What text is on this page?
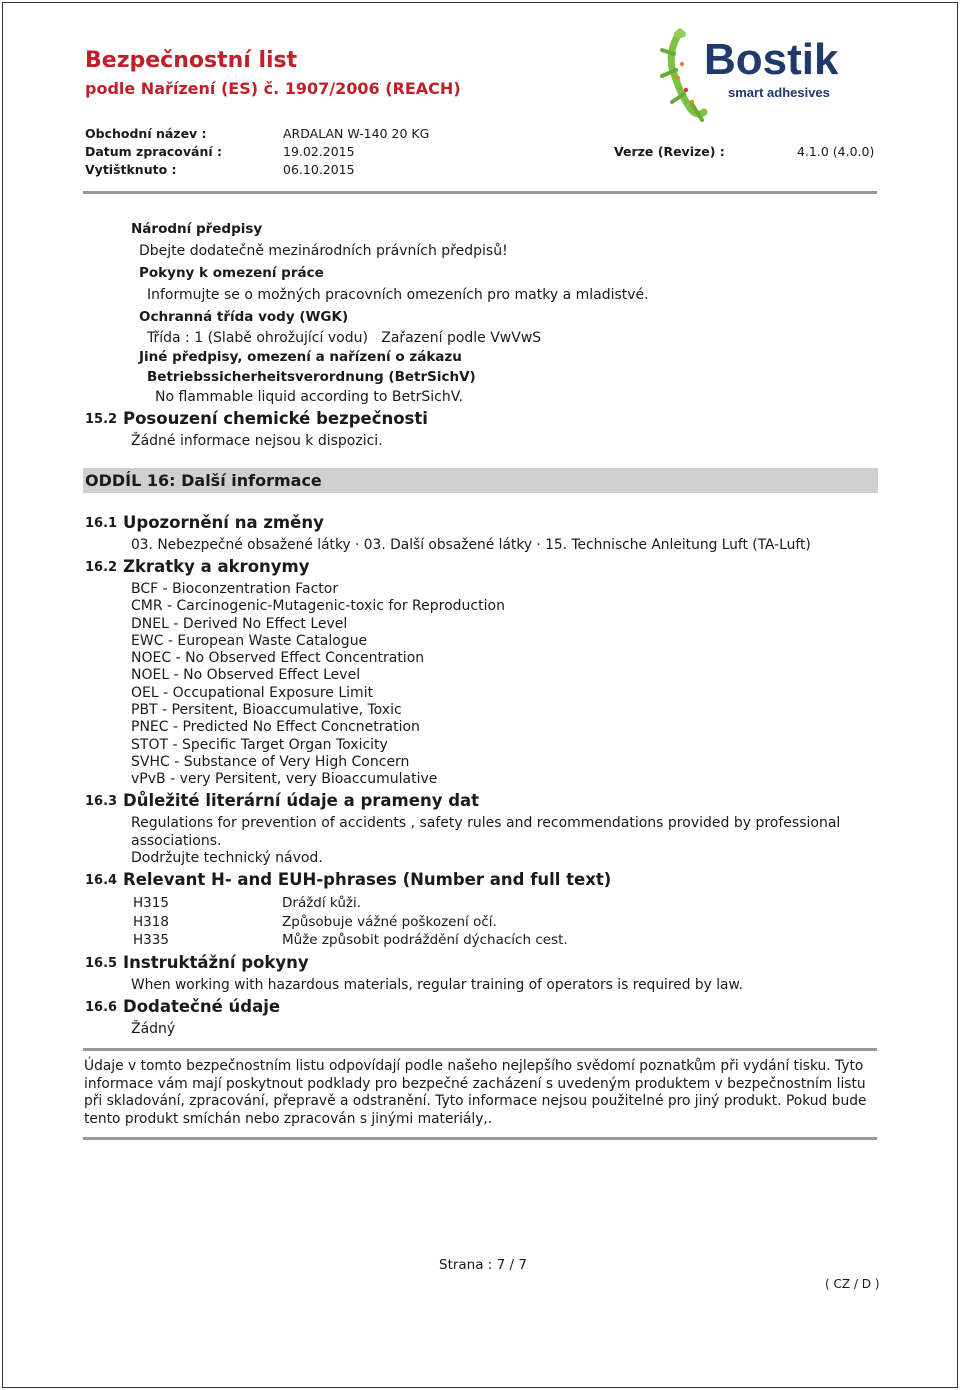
Bezpečnostní list
podle Nařízení (ES) č. 1907/2006 (REACH)
Bostik
smart adhesives
Obchodní název :	ARDALAN W-140 20 KG
Datum zpracování :	19.02.2015	Verze (Revize) :	4.1.0 (4.0.0)
Vytištknuto :	06.10.2015
Národní předpisy
Dbejte dodatečně mezinárodních právních předpisů!
Pokyny k omezení práce
Informujte se o možných pracovních omezeních pro matky a mladistvé.
Ochranná třída vody (WGK)
Třída : 1 (Slabě ohrožující vodu)   Zařazení podle VwVwS
Jiné předpisy, omezení a nařízení o zákazu
Betriebssicherheitsverordnung (BetrSichV)
No flammable liquid according to BetrSichV.
15.2 Posouzení chemické bezpečnosti
Žádné informace nejsou k dispozici.
ODDÍL 16: Další informace
16.1 Upozornění na změny
03. Nebezpečné obsažené látky · 03. Další obsažené látky · 15. Technische Anleitung Luft (TA-Luft)
16.2 Zkratky a akronymy
BCF - Bioconzentration Factor
CMR - Carcinogenic-Mutagenic-toxic for Reproduction
DNEL - Derived No Effect Level
EWC - European Waste Catalogue
NOEC - No Observed Effect Concentration
NOEL - No Observed Effect Level
OEL - Occupational Exposure Limit
PBT - Persitent, Bioaccumulative, Toxic
PNEC - Predicted No Effect Concnetration
STOT - Specific Target Organ Toxicity
SVHC - Substance of Very High Concern
vPvB - very Persitent, very Bioaccumulative
16.3 Důležité literární údaje a prameny dat
Regulations for prevention of accidents , safety rules and recommendations provided by professional associations.
Dodržujte technický návod.
16.4 Relevant H- and EUH-phrases (Number and full text)
H315	Dráždí kůži.
H318	Způsobuje vážné poškození očí.
H335	Může způsobit podráždění dýchacích cest.
16.5 Instruktážní pokyny
When working with hazardous materials, regular training of operators is required by law.
16.6 Dodatečné údaje
Žádný
Údaje v tomto bezpečnostním listu odpovídají podle našeho nejlepšího svědomí poznatkům při vydání tisku. Tyto informace vám mají poskytnout podklady pro bezpečné zacházení s uvedeným produktem v bezpečnostním listu při skladování, zpracování, přepravě a odstranění. Tyto informace nejsou použitelné pro jiný produkt. Pokud bude tento produkt smíchán nebo zpracován s jinými materiály,.
Strana : 7 / 7
( CZ / D )
